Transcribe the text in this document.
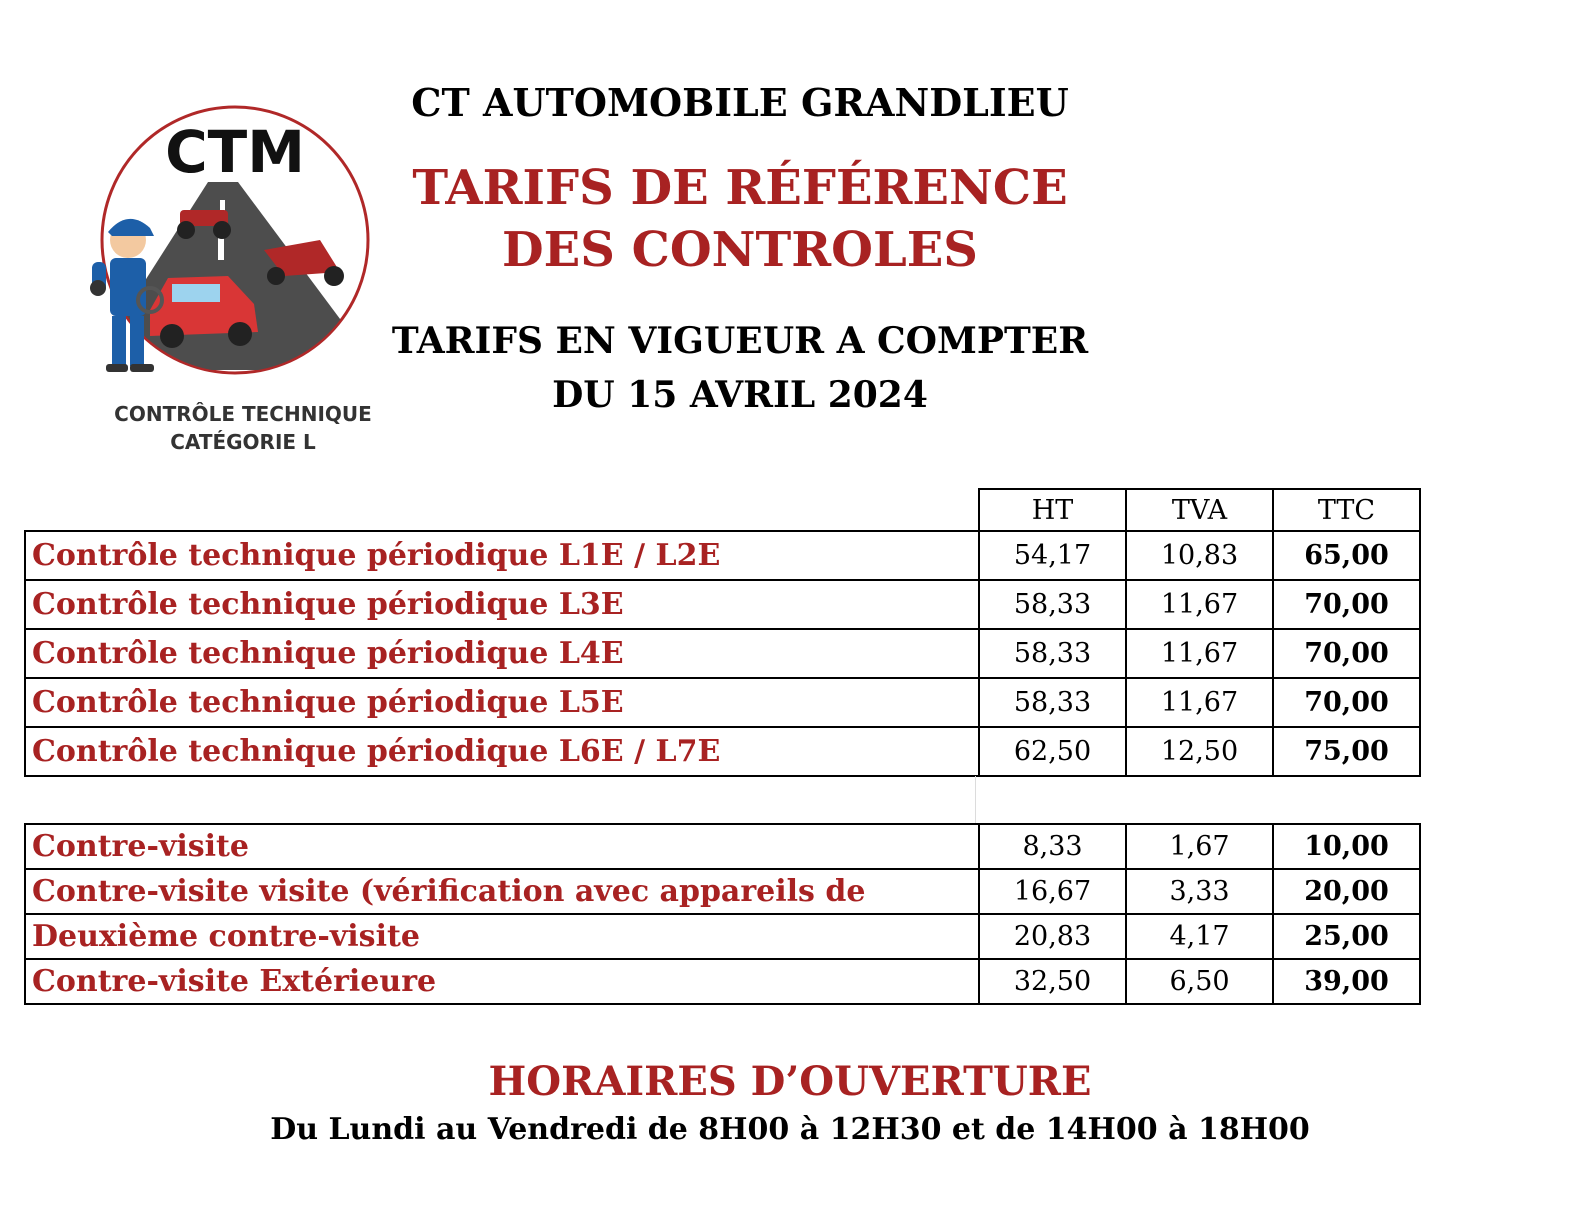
CTM
CONTRÔLE TECHNIQUE
CATÉGORIE L
CT AUTOMOBILE GRANDLIEU
TARIFS DE RÉFÉRENCE
DES CONTROLES
TARIFS EN VIGUEUR A COMPTER
DU 15 AVRIL 2024
	HT	TVA	TTC
Contrôle technique périodique L1E / L2E	54,17	10,83	65,00
Contrôle technique périodique L3E	58,33	11,67	70,00
Contrôle technique périodique L4E	58,33	11,67	70,00
Contrôle technique périodique L5E	58,33	11,67	70,00
Contrôle technique périodique L6E / L7E	62,50	12,50	75,00
Contre-visite	8,33	1,67	10,00
Contre-visite visite (vérification avec appareils de	16,67	3,33	20,00
Deuxième contre-visite	20,83	4,17	25,00
Contre-visite Extérieure	32,50	6,50	39,00
HORAIRES D’OUVERTURE
Du Lundi au Vendredi de 8H00 à 12H30 et de 14H00 à 18H00
